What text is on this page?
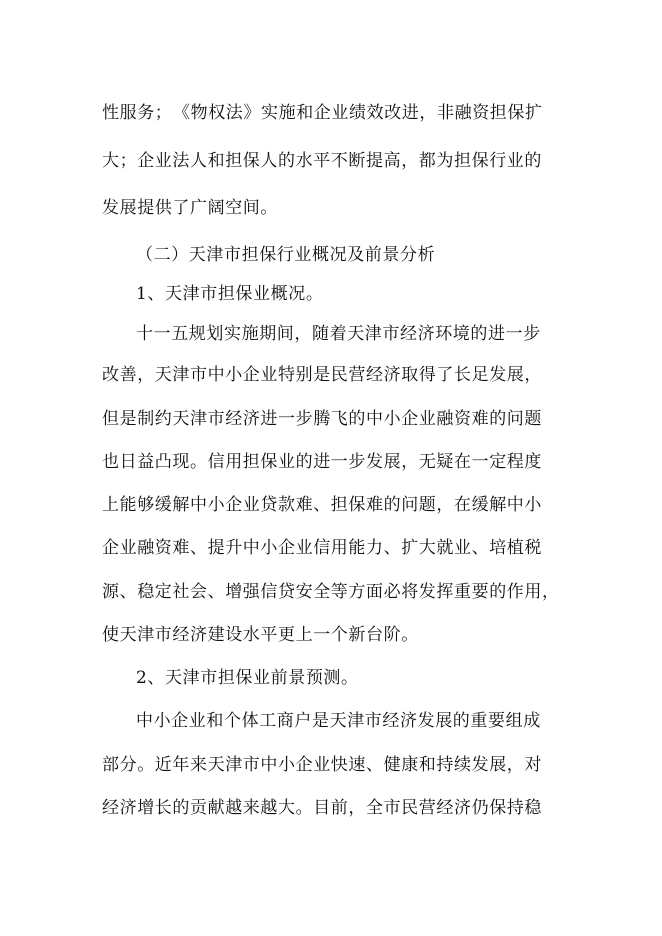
性服务；　《物权法》实施和企业绩效改进，非融资担保扩
大；企业法人和担保人的水平不断提高，都为担保行业的
发展提供了广阔空间。
（二）天津市担保行业概况及前景分析
1、天津市担保业概况。
十一五规划实施期间，随着天津市经济环境的进一步
改善，天津市中小企业特别是民营经济取得了长足发展，
但是制约天津市经济进一步腾飞的中小企业融资难的问题
也日益凸现。信用担保业的进一步发展，无疑在一定程度
上能够缓解中小企业贷款难、担保难的问题，在缓解中小
企业融资难、提升中小企业信用能力、扩大就业、培植税
源、稳定社会、增强信贷安全等方面必将发挥重要的作用，
使天津市经济建设水平更上一个新台阶。
2、天津市担保业前景预测。
中小企业和个体工商户是天津市经济发展的重要组成
部分。近年来天津市中小企业快速、健康和持续发展，对
经济增长的贡献越来越大。目前，全市民营经济仍保持稳
